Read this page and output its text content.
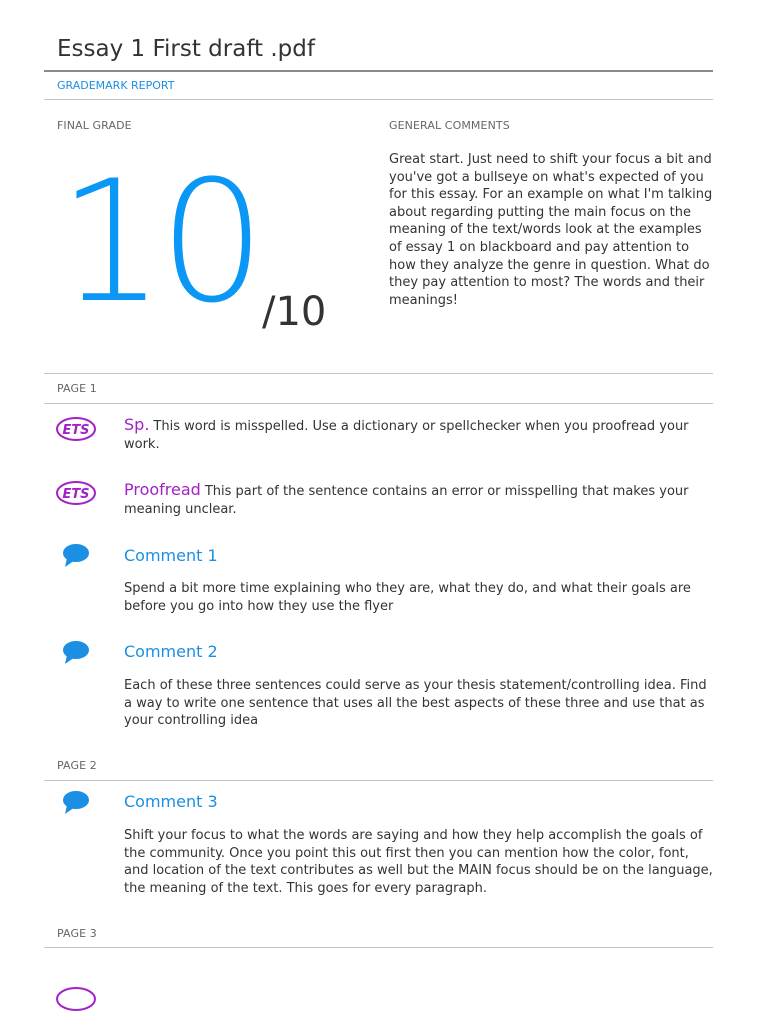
Essay 1 First draft .pdf
GRADEMARK REPORT
FINAL GRADE
10 /10
GENERAL COMMENTS
Great start. Just need to shift your focus a bit and you've got a bullseye on what's expected of you for this essay. For an example on what I'm talking about regarding putting the main focus on the meaning of the text/words look at the examples of essay 1 on blackboard and pay attention to how they analyze the genre in question. What do they pay attention to most? The words and their meanings!
PAGE 1
ETS Sp. This word is misspelled. Use a dictionary or spellchecker when you proofread your work.
ETS Proofread This part of the sentence contains an error or misspelling that makes your meaning unclear.
Comment 1
Spend a bit more time explaining who they are, what they do, and what their goals are before you go into how they use the flyer
Comment 2
Each of these three sentences could serve as your thesis statement/controlling idea. Find a way to write one sentence that uses all the best aspects of these three and use that as your controlling idea
PAGE 2
Comment 3
Shift your focus to what the words are saying and how they help accomplish the goals of the community. Once you point this out first then you can mention how the color, font, and location of the text contributes as well but the MAIN focus should be on the language, the meaning of the text. This goes for every paragraph.
PAGE 3
